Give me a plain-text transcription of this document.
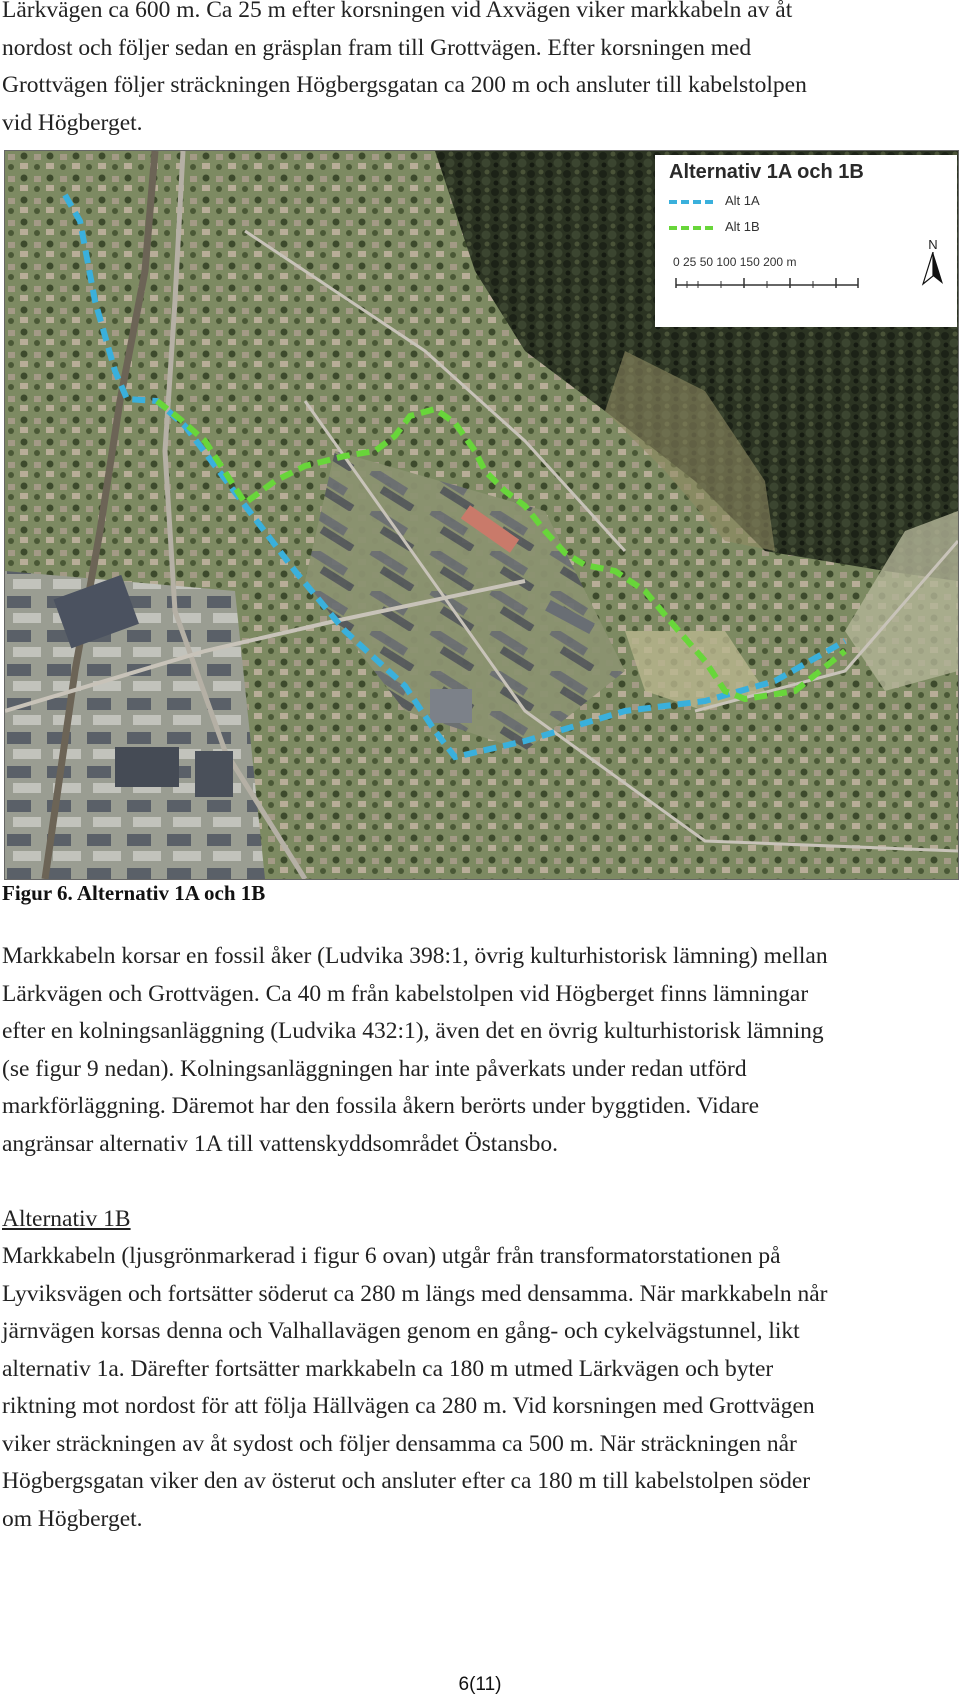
Lärkvägen ca 600 m. Ca 25 m efter korsningen vid Axvägen viker markkabeln av åt
nordost och följer sedan en gräsplan fram till Grottvägen. Efter korsningen med
Grottvägen följer sträckningen Högbergsgatan ca 200 m och ansluter till kabelstolpen
vid Högberget.
Alternativ 1A och 1B
Alt 1A
Alt 1B
0 25 50 100 150 200 m
N
Figur 6. Alternativ 1A och 1B
Markkabeln korsar en fossil åker (Ludvika 398:1, övrig kulturhistorisk lämning) mellan
Lärkvägen och Grottvägen. Ca 40 m från kabelstolpen vid Högberget finns lämningar
efter en kolningsanläggning (Ludvika 432:1), även det en övrig kulturhistorisk lämning
(se figur 9 nedan). Kolningsanläggningen har inte påverkats under redan utförd
markförläggning. Däremot har den fossila åkern berörts under byggtiden. Vidare
angränsar alternativ 1A till vattenskyddsområdet Östansbo.
Alternativ 1B
Markkabeln (ljusgrönmarkerad i figur 6 ovan) utgår från transformatorstationen på
Lyviksvägen och fortsätter söderut ca 280 m längs med densamma. När markkabeln når
järnvägen korsas denna och Valhallavägen genom en gång- och cykelvägstunnel, likt
alternativ 1a. Därefter fortsätter markkabeln ca 180 m utmed Lärkvägen och byter
riktning mot nordost för att följa Hällvägen ca 280 m. Vid korsningen med Grottvägen
viker sträckningen av åt sydost och följer densamma ca 500 m. När sträckningen når
Högbergsgatan viker den av österut och ansluter efter ca 180 m till kabelstolpen söder
om Högberget.
6(11)
